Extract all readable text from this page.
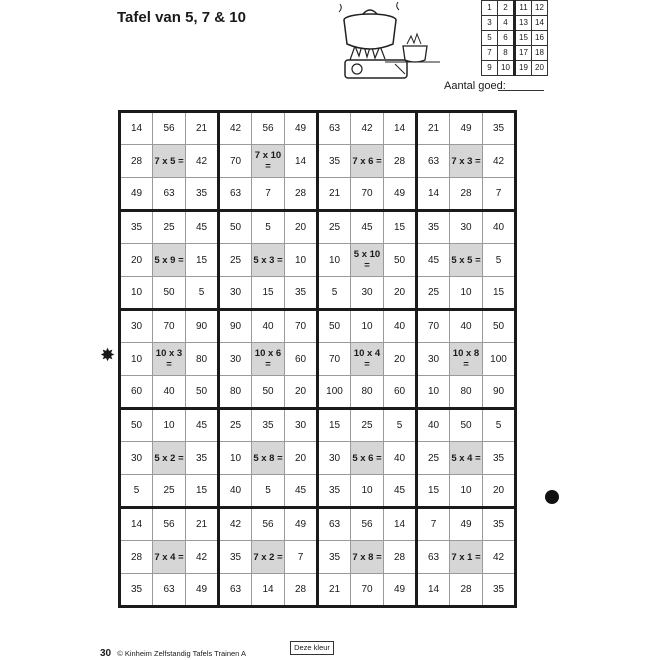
Tafel van 5, 7 & 10
1	2	11	12
3	4	13	14
5	6	15	16
7	8	17	18
9	10	19	20
Aantal goed:
14	56	21	42	56	49	63	42	14	21	49	35
28	7 x 5 =	42	70	7 x 10 =	14	35	7 x 6 =	28	63	7 x 3 =	42
49	63	35	63	7	28	21	70	49	14	28	7
35	25	45	50	5	20	25	45	15	35	30	40
20	5 x 9 =	15	25	5 x 3 =	10	10	5 x 10 =	50	45	5 x 5 =	5
10	50	5	30	15	35	5	30	20	25	10	15
30	70	90	90	40	70	50	10	40	70	40	50
10	10 x 3 =	80	30	10 x 6 =	60	70	10 x 4 =	20	30	10 x 8 =	100
60	40	50	80	50	20	100	80	60	10	80	90
50	10	45	25	35	30	15	25	5	40	50	5
30	5 x 2 =	35	10	5 x 8 =	20	30	5 x 6 =	40	25	5 x 4 =	35
5	25	15	40	5	45	35	10	45	15	10	20
14	56	21	42	56	49	63	56	14	7	49	35
28	7 x 4 =	42	35	7 x 2 =	7	35	7 x 8 =	28	63	7 x 1 =	42
35	63	49	63	14	28	21	70	49	14	28	35
✸
30 © Kinheim Zelfstandig Tafels Trainen A
Deze kleur
